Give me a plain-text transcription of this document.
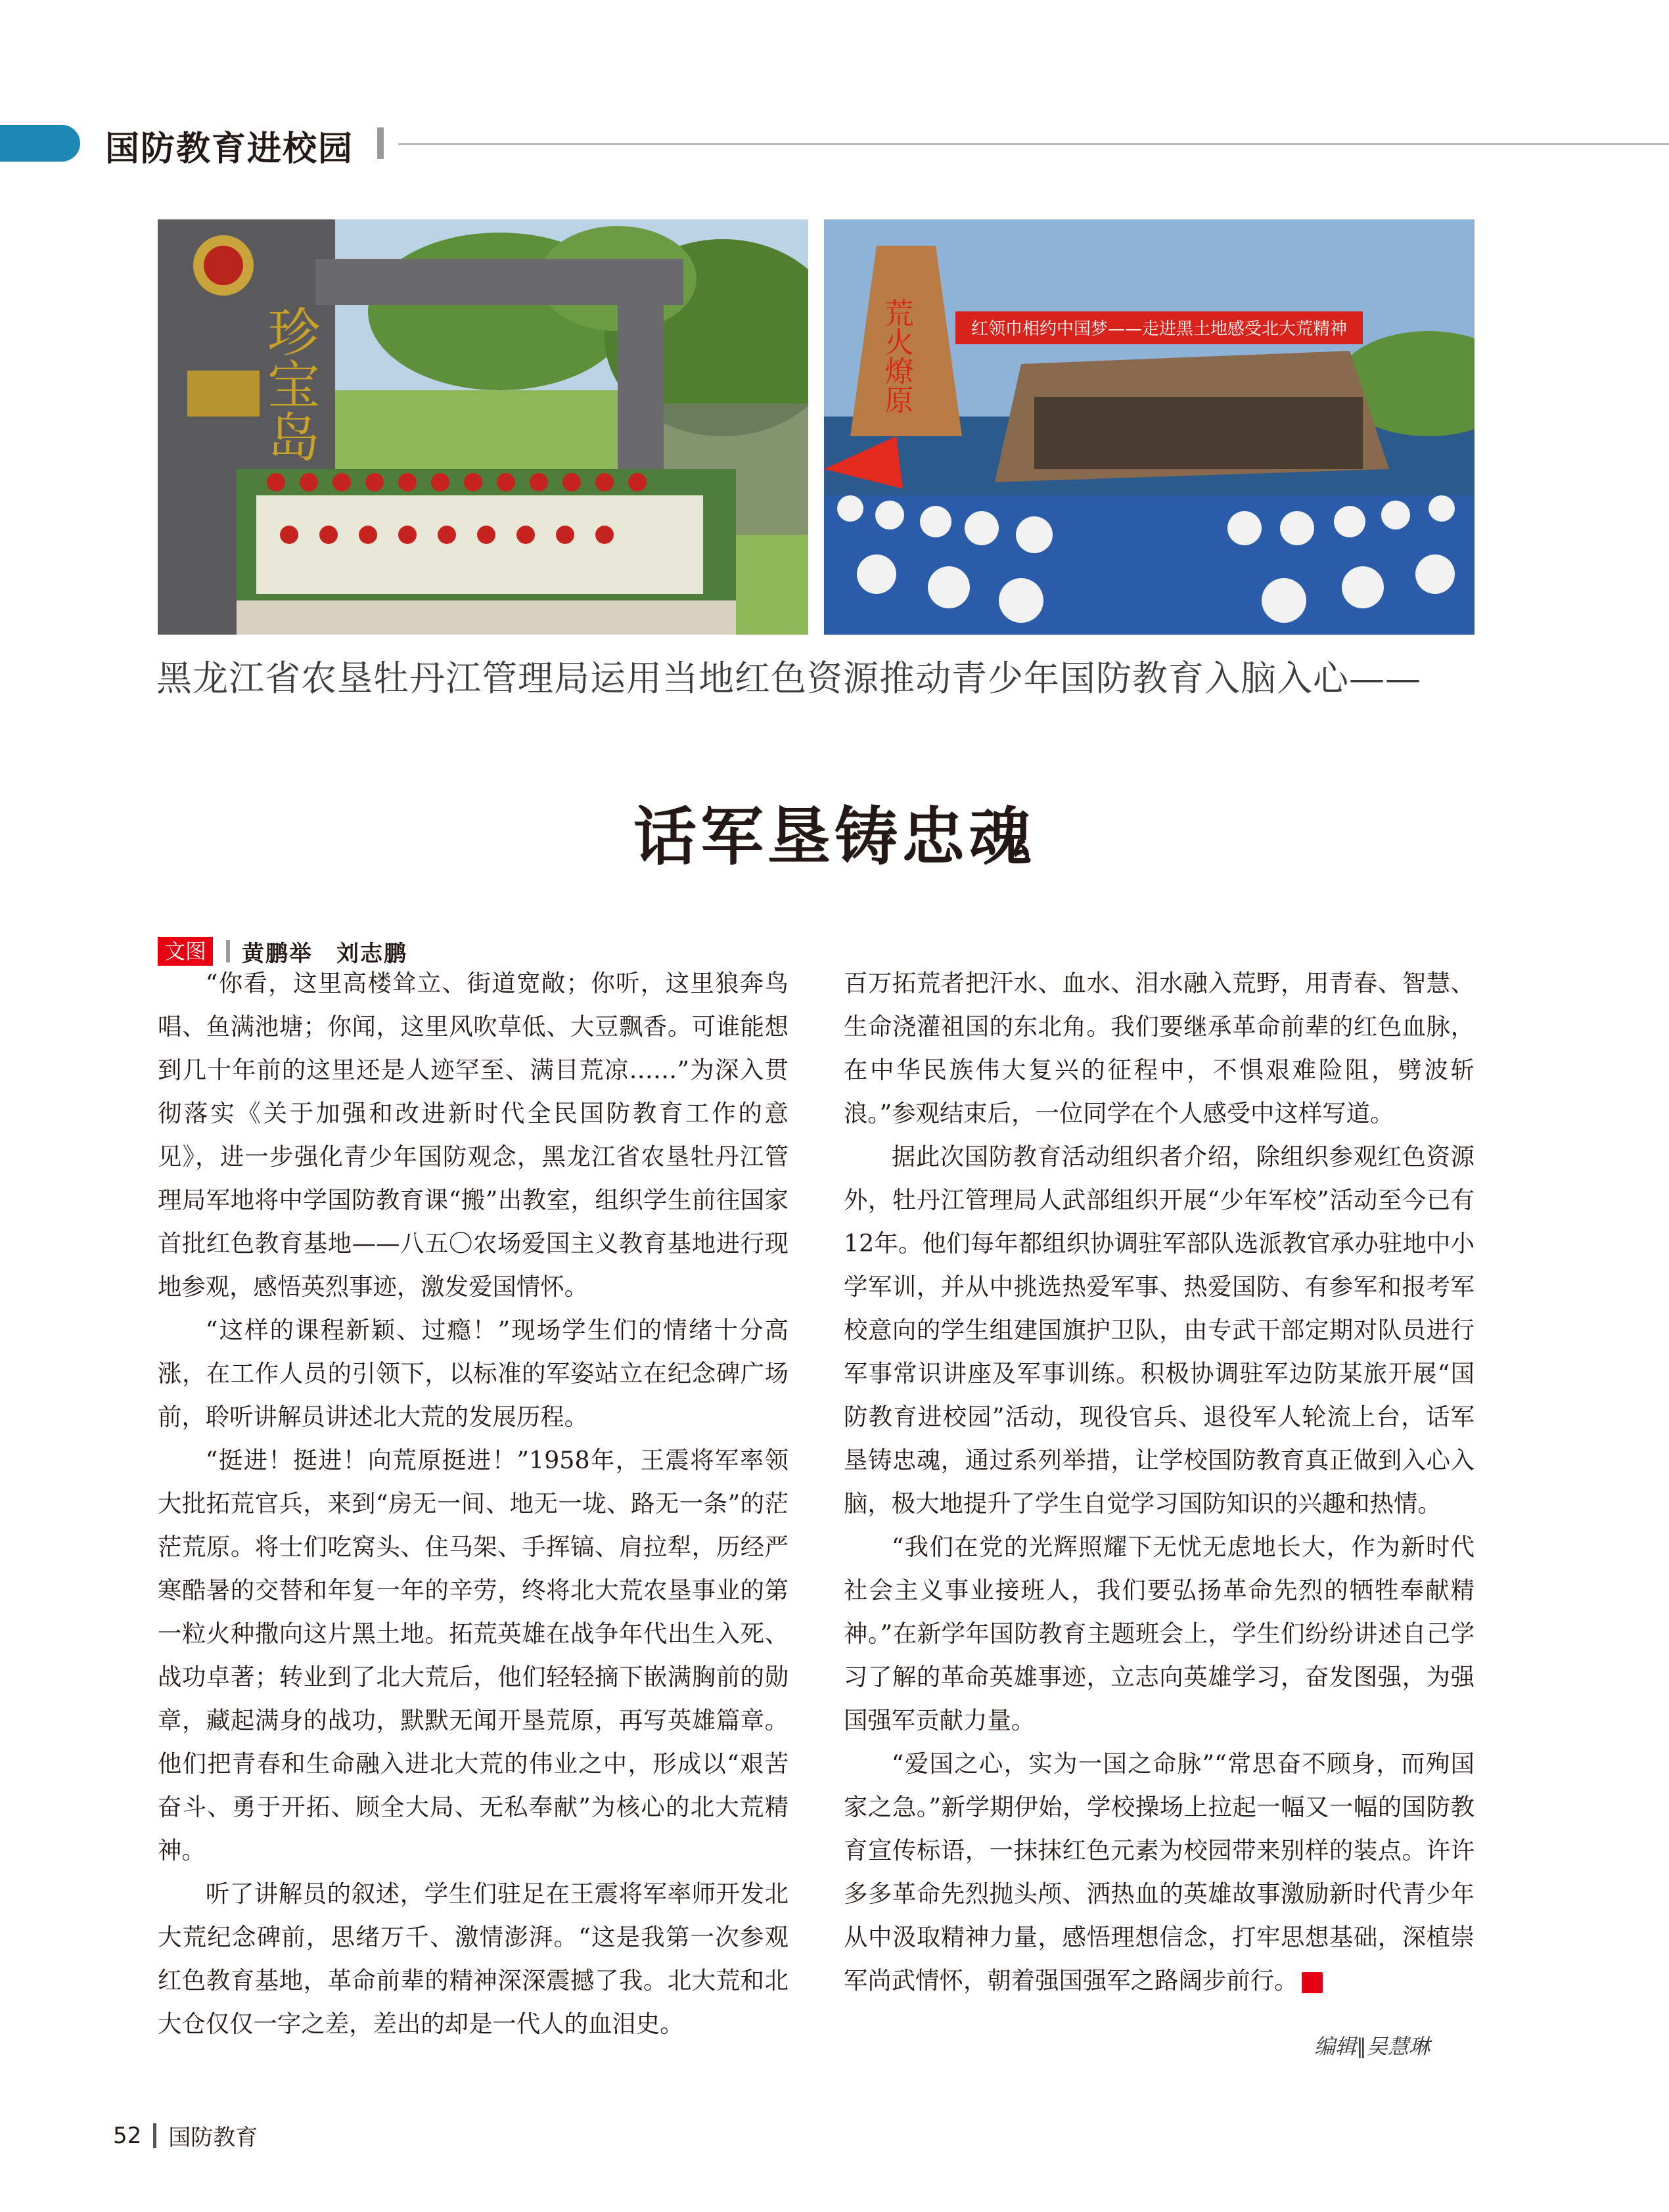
国防教育进校园
珍宝岛	红领巾相约中国梦——走进黑土地感受北大荒精神
荒火燎原
黑龙江省农垦牡丹江管理局运用当地红色资源推动青少年国防教育入脑入心——
话军垦铸忠魂
文图 黄鹏举　刘志鹏

“你看，这里高楼耸立、街道宽敞；你听，这里狼奔鸟唱、鱼满池塘；你闻，这里风吹草低、大豆飘香。可谁能想到几十年前的这里还是人迹罕至、满目荒凉……”为深入贯彻落实《关于加强和改进新时代全民国防教育工作的意见》，进一步强化青少年国防观念，黑龙江省农垦牡丹江管理局军地将中学国防教育课“搬”出教室，组织学生前往国家首批红色教育基地——八五〇农场爱国主义教育基地进行现地参观，感悟英烈事迹，激发爱国情怀。

“这样的课程新颖、过瘾！”现场学生们的情绪十分高涨，在工作人员的引领下，以标准的军姿站立在纪念碑广场前，聆听讲解员讲述北大荒的发展历程。

“挺进！挺进！向荒原挺进！”1958年，王震将军率领大批拓荒官兵，来到“房无一间、地无一垅、路无一条”的茫茫荒原。将士们吃窝头、住马架、手挥镐、肩拉犁，历经严寒酷暑的交替和年复一年的辛劳，终将北大荒农垦事业的第一粒火种撒向这片黑土地。拓荒英雄在战争年代出生入死、战功卓著；转业到了北大荒后，他们轻轻摘下嵌满胸前的勋章，藏起满身的战功，默默无闻开垦荒原，再写英雄篇章。他们把青春和生命融入进北大荒的伟业之中，形成以“艰苦奋斗、勇于开拓、顾全大局、无私奉献”为核心的北大荒精神。

听了讲解员的叙述，学生们驻足在王震将军率师开发北大荒纪念碑前，思绪万千、激情澎湃。“这是我第一次参观红色教育基地，革命前辈的精神深深震撼了我。北大荒和北大仓仅仅一字之差，差出的却是一代人的血泪史。

百万拓荒者把汗水、血水、泪水融入荒野，用青春、智慧、生命浇灌祖国的东北角。我们要继承革命前辈的红色血脉，在中华民族伟大复兴的征程中，不惧艰难险阻，劈波斩浪。”参观结束后，一位同学在个人感受中这样写道。

据此次国防教育活动组织者介绍，除组织参观红色资源外，牡丹江管理局人武部组织开展“少年军校”活动至今已有12年。他们每年都组织协调驻军部队选派教官承办驻地中小学军训，并从中挑选热爱军事、热爱国防、有参军和报考军校意向的学生组建国旗护卫队，由专武干部定期对队员进行军事常识讲座及军事训练。积极协调驻军边防某旅开展“国防教育进校园”活动，现役官兵、退役军人轮流上台，话军垦铸忠魂，通过系列举措，让学校国防教育真正做到入心入脑，极大地提升了学生自觉学习国防知识的兴趣和热情。

“我们在党的光辉照耀下无忧无虑地长大，作为新时代社会主义事业接班人，我们要弘扬革命先烈的牺牲奉献精神。”在新学年国防教育主题班会上，学生们纷纷讲述自己学习了解的革命英雄事迹，立志向英雄学习，奋发图强，为强国强军贡献力量。

“爱国之心，实为一国之命脉”“常思奋不顾身，而殉国家之急。”新学期伊始，学校操场上拉起一幅又一幅的国防教育宣传标语，一抹抹红色元素为校园带来别样的装点。许许多多革命先烈抛头颅、洒热血的英雄故事激励新时代青少年从中汲取精神力量，感悟理想信念，打牢思想基础，深植崇军尚武情怀，朝着强国强军之路阔步前行。	G

编辑∥吴慧琳
52 国防教育
